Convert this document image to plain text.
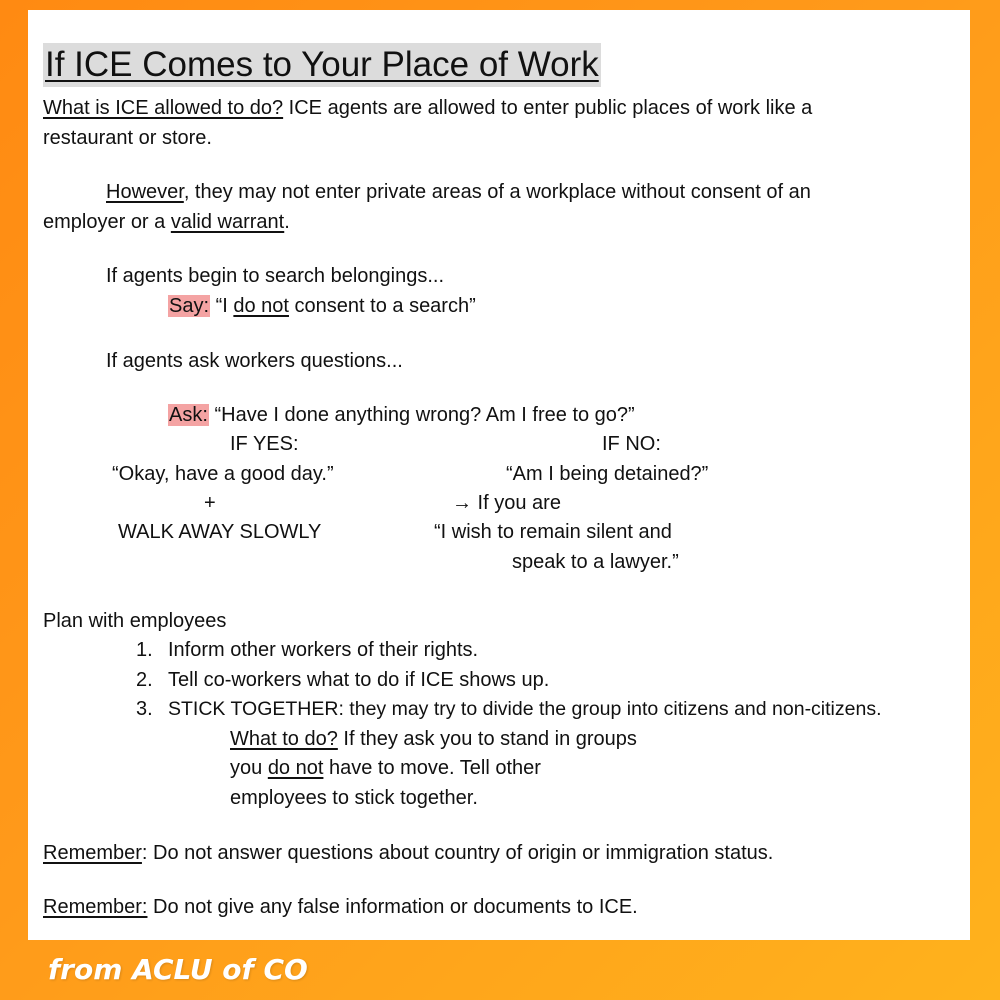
If ICE Comes to Your Place of Work
What is ICE allowed to do? ICE agents are allowed to enter public places of work like a
restaurant or store.
However, they may not enter private areas of a workplace without consent of an
employer or a valid warrant.
If agents begin to search belongings...
Say: “I do not consent to a search”
If agents ask workers questions...
Ask: “Have I done anything wrong? Am I free to go?”
IF YES:	IF NO:
“Okay, have a good day.”	“Am I being detained?”
+	→ If you are
WALK AWAY SLOWLY	“I wish to remain silent and
speak to a lawyer.”
Plan with employees
1. Inform other workers of their rights.
2. Tell co-workers what to do if ICE shows up.
3. STICK TOGETHER: they may try to divide the group into citizens and non-citizens.
What to do? If they ask you to stand in groups
you do not have to move. Tell other
employees to stick together.
Remember: Do not answer questions about country of origin or immigration status.
Remember: Do not give any false information or documents to ICE.
from ACLU of CO
